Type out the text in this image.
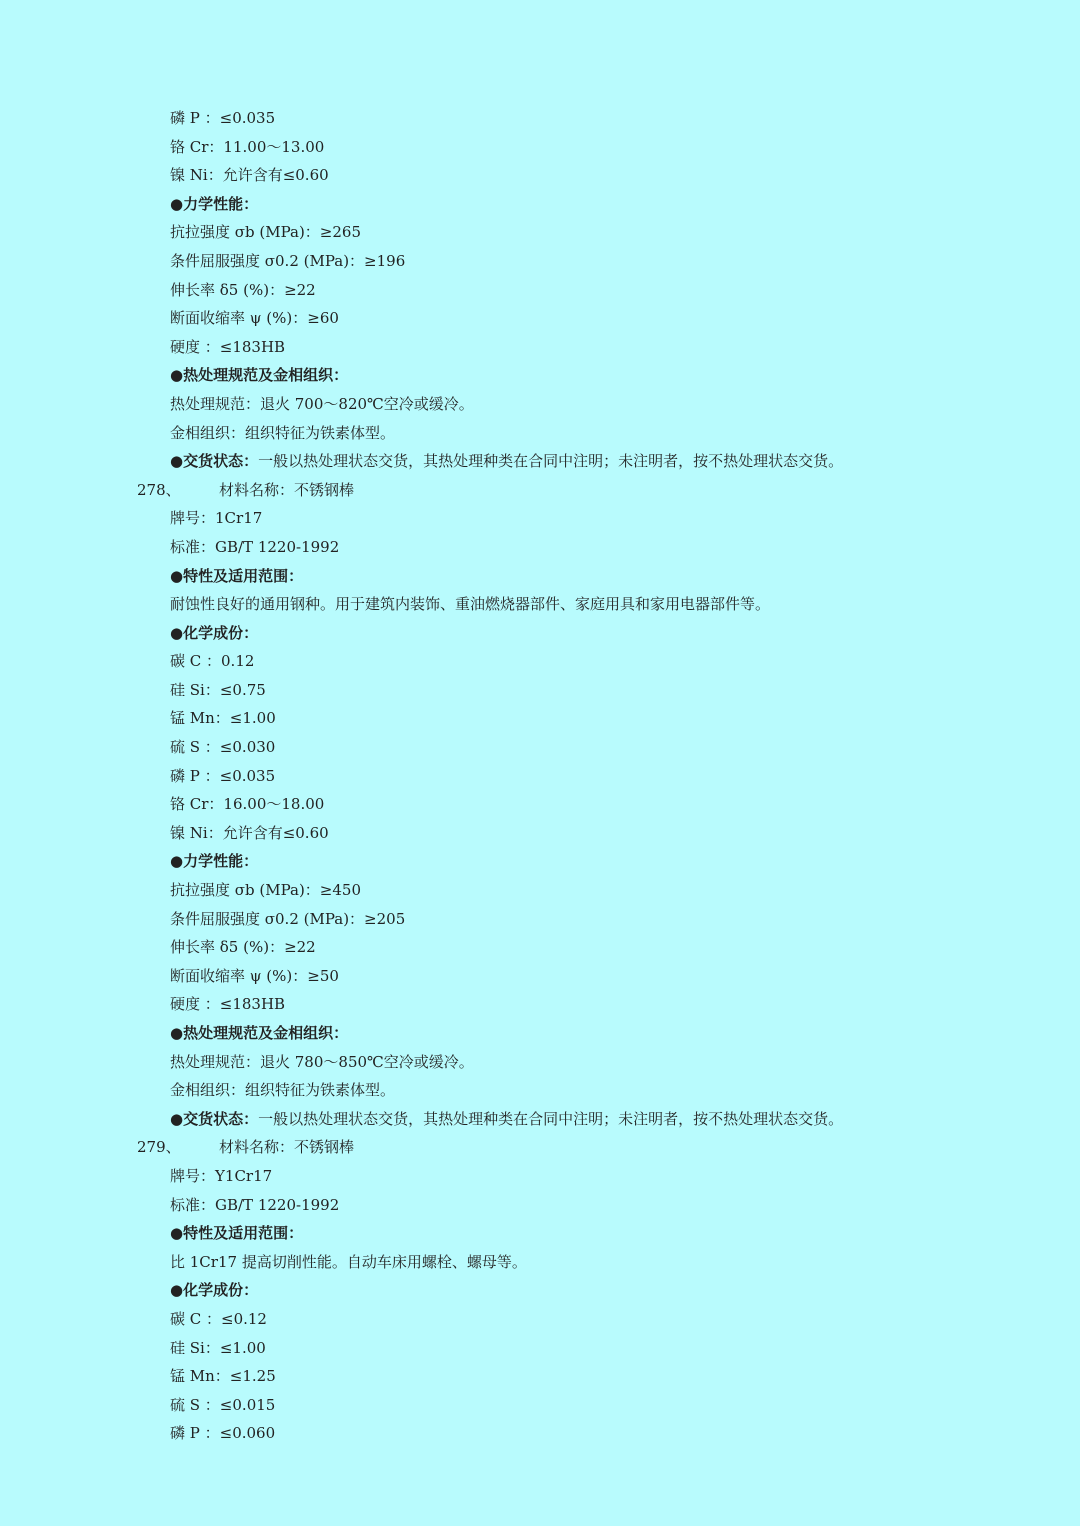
磷 P ：≤0.035
铬 Cr：11.00～13.00
镍 Ni：允许含有≤0.60
●力学性能：
抗拉强度 σb (MPa)：≥265
条件屈服强度 σ0.2 (MPa)：≥196
伸长率 δ5 (%)：≥22
断面收缩率 ψ (%)：≥60
硬度 ：≤183HB
●热处理规范及金相组织：
热处理规范：退火 700～820℃空冷或缓冷。
金相组织：组织特征为铁素体型。
●交货状态：一般以热处理状态交货，其热处理种类在合同中注明；未注明者，按不热处理状态交货。
278、	材料名称：不锈钢棒
牌号：1Cr17
标准：GB/T 1220-1992
●特性及适用范围：
耐蚀性良好的通用钢种。用于建筑内装饰、重油燃烧器部件、家庭用具和家用电器部件等。
●化学成份：
碳 C ：0.12
硅 Si：≤0.75
锰 Mn：≤1.00
硫 S ：≤0.030
磷 P ：≤0.035
铬 Cr：16.00～18.00
镍 Ni：允许含有≤0.60
●力学性能：
抗拉强度 σb (MPa)：≥450
条件屈服强度 σ0.2 (MPa)：≥205
伸长率 δ5 (%)：≥22
断面收缩率 ψ (%)：≥50
硬度 ：≤183HB
●热处理规范及金相组织：
热处理规范：退火 780～850℃空冷或缓冷。
金相组织：组织特征为铁素体型。
●交货状态：一般以热处理状态交货，其热处理种类在合同中注明；未注明者，按不热处理状态交货。
279、	材料名称：不锈钢棒
牌号：Y1Cr17
标准：GB/T 1220-1992
●特性及适用范围：
比 1Cr17 提高切削性能。自动车床用螺栓、螺母等。
●化学成份：
碳 C ：≤0.12
硅 Si：≤1.00
锰 Mn：≤1.25
硫 S ：≤0.015
磷 P ：≤0.060
